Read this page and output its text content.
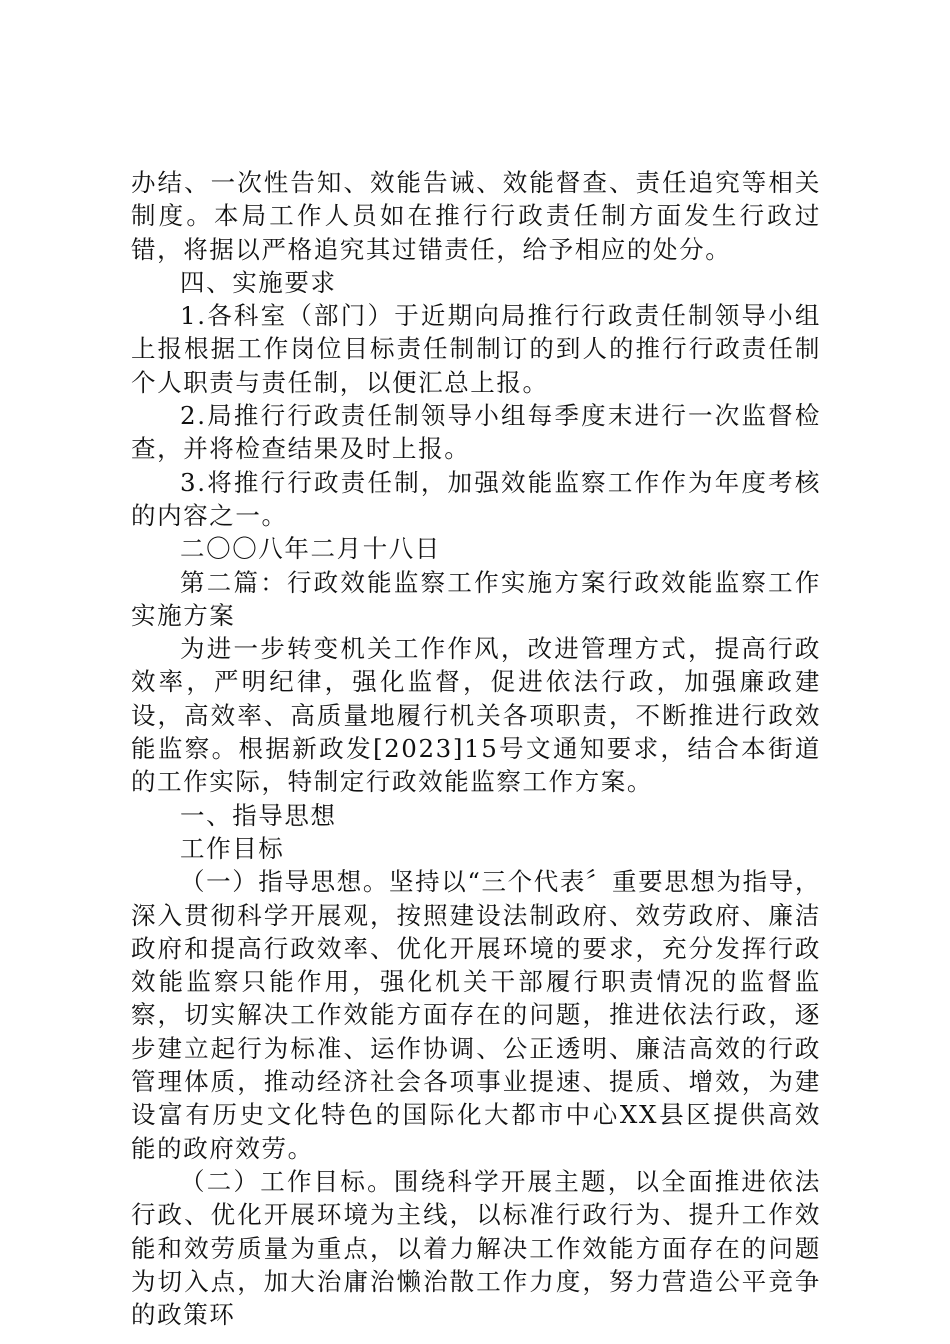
办结、一次性告知、效能告诫、效能督查、责任追究等相关制度。本局工作人员如在推行行政责任制方面发生行政过错，将据以严格追究其过错责任，给予相应的处分。

四、实施要求

1.各科室（部门）于近期向局推行行政责任制领导小组上报根据工作岗位目标责任制制订的到人的推行行政责任制个人职责与责任制，以便汇总上报。

2.局推行行政责任制领导小组每季度末进行一次监督检查，并将检查结果及时上报。

3.将推行行政责任制，加强效能监察工作作为年度考核的内容之一。

二〇〇八年二月十八日

第二篇：行政效能监察工作实施方案行政效能监察工作实施方案

为进一步转变机关工作作风，改进管理方式，提高行政效率，严明纪律，强化监督，促进依法行政，加强廉政建设，高效率、高质量地履行机关各项职责，不断推进行政效能监察。根据新政发[2023]15号文通知要求，结合本街道的工作实际，特制定行政效能监察工作方案。

一、指导思想

工作目标

（一）指导思想。坚持以“三个代表〞重要思想为指导，深入贯彻科学开展观，按照建设法制政府、效劳政府、廉洁政府和提高行政效率、优化开展环境的要求，充分发挥行政效能监察只能作用，强化机关干部履行职责情况的监督监察，切实解决工作效能方面存在的问题，推进依法行政，逐步建立起行为标准、运作协调、公正透明、廉洁高效的行政管理体质，推动经济社会各项事业提速、提质、增效，为建设富有历史文化特色的国际化大都市中心XX县区提供高效能的政府效劳。

（二）工作目标。围绕科学开展主题，以全面推进依法行政、优化开展环境为主线，以标准行政行为、提升工作效能和效劳质量为重点，以着力解决工作效能方面存在的问题为切入点，加大治庸治懒治散工作力度，努力营造公平竞争的政策环
